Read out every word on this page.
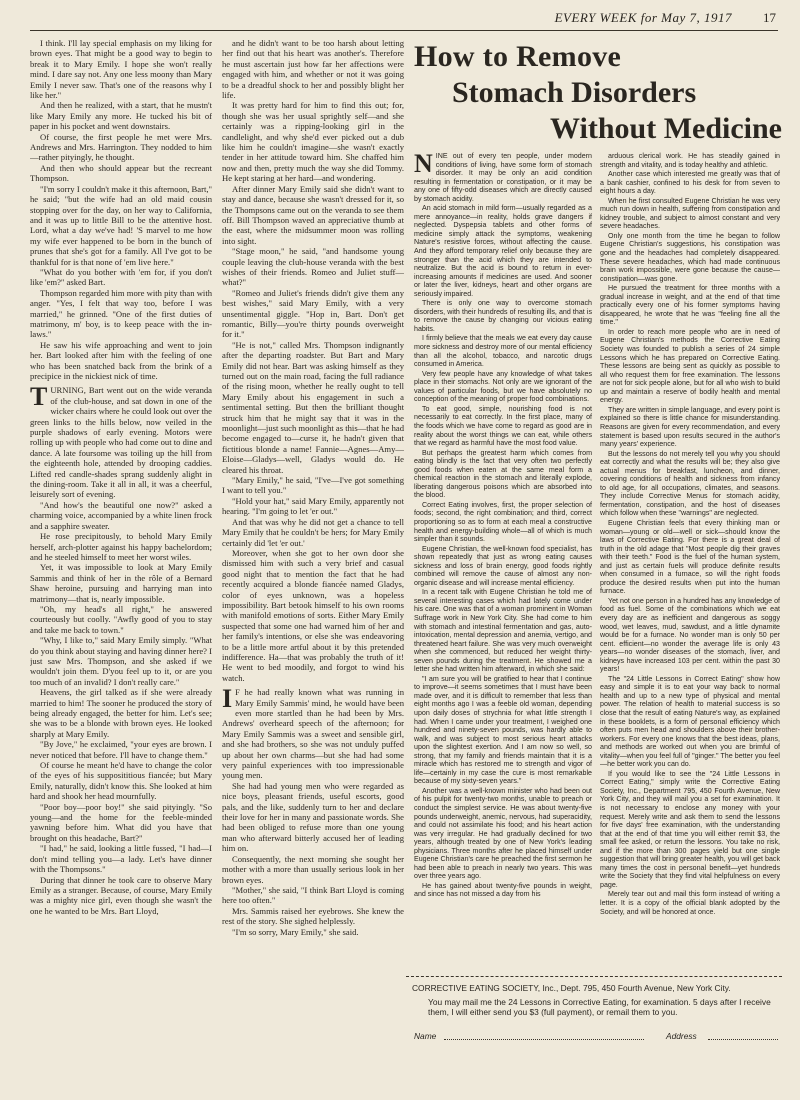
EVERY WEEK for May 7, 1917 17

I think. I'll lay special emphasis on my liking for brown eyes. That might be a good way to begin to break it to Mary Emily. I hope she won't really mind. I dare say not. Any one less moony than Mary Emily I never saw. That's one of the reasons why I like her."

And then he realized, with a start, that he mustn't like Mary Emily any more. He tucked his bit of paper in his pocket and went downstairs.

Of course, the first people he met were Mrs. Andrews and Mrs. Harrington. They nodded to him—rather pityingly, he thought.

And then who should appear but the recreant Thompson.

"I'm sorry I couldn't make it this afternoon, Bart," he said; "but the wife had an old maid cousin stopping over for the day, on her way to California, and it was up to little Bill to be the attentive host. Lord, what a day we've had! 'S marvel to me how my wife ever happened to be born in the bunch of prunes that she's got for a family. All I've got to be thankful for is that none of 'em live here."

"What do you bother with 'em for, if you don't like 'em?" asked Bart.

Thompson regarded him more with pity than with anger. "Yes, I felt that way too, before I was married," he grinned. "One of the first duties of matrimony, m' boy, is to keep peace with the in-laws."

He saw his wife approaching and went to join her. Bart looked after him with the feeling of one who has been snatched back from the brink of a precipice in the nickiest nick of time.

TURNING, Bart went out on the wide veranda of the club-house, and sat down in one of the wicker chairs where he could look out over the green links to the hills below, now veiled in the purple shadows of early evening. Motors were rolling up with people who had come out to dine and dance. A late foursome was toiling up the hill from the eighteenth hole, attended by drooping caddies. Lifted red candle-shades sprang suddenly alight in the dining-room. Take it all in all, it was a cheerful, leisurely sort of evening.

"And how's the beautiful one now?" asked a charming voice, accompanied by a white linen frock and a sapphire sweater.

He rose precipitously, to behold Mary Emily herself, arch-plotter against his happy bachelordom; and he steeled himself to meet her worst wiles.

Yet, it was impossible to look at Mary Emily Sammis and think of her in the rôle of a Bernard Shaw heroine, pursuing and harrying man into matrimony—that is, nearly impossible.

"Oh, my head's all right," he answered courteously but coolly. "Awfly good of you to stay and take me back to town."

"Why, I like to," said Mary Emily simply. "What do you think about staying and having dinner here? I just saw Mrs. Thompson, and she asked if we wouldn't join them. D'you feel up to it, or are you too much of an invalid? I don't really care."

Heavens, the girl talked as if she were already married to him! The sooner he produced the story of being already engaged, the better for him. Let's see; she was to be a blonde with brown eyes. He looked sharply at Mary Emily.

"By Jove," he exclaimed, "your eyes are brown. I never noticed that before. I'll have to change them."

Of course he meant he'd have to change the color of the eyes of his supposititious fiancée; but Mary Emily, naturally, didn't know this. She looked at him hard and shook her head mournfully.

"Poor boy—poor boy!" she said pityingly. "So young—and the home for the feeble-minded yawning before him. What did you have that brought on this headache, Bart?"

"I had," he said, looking a little fussed, "I had—I don't mind telling you—a lady. Let's have dinner with the Thompsons."

During that dinner he took care to observe Mary Emily as a stranger. Because, of course, Mary Emily was a mighty nice girl, even though she wasn't the one he wanted to be Mrs. Bart Lloyd,

and he didn't want to be too harsh about letting her find out that his heart was another's. Therefore he must ascertain just how far her affections were engaged with him, and whether or not it was going to be a dreadful shock to her and possibly blight her life.

It was pretty hard for him to find this out; for, though she was her usual sprightly self—and she certainly was a ripping-looking girl in the candlelight, and why she'd ever picked out a dub like him he couldn't imagine—she wasn't exactly tender in her attitude toward him. She chaffed him now and then, pretty much the way she did Tommy. He kept staring at her hard—and wondering.

After dinner Mary Emily said she didn't want to stay and dance, because she wasn't dressed for it, so the Thompsons came out on the veranda to see them off. Bill Thompson waved an appreciative thumb at the east, where the midsummer moon was rolling into sight.

"Stage moon," he said, "and handsome young couple leaving the club-house veranda with the best wishes of their friends. Romeo and Juliet stuff—what?"

"Romeo and Juliet's friends didn't give them any best wishes," said Mary Emily, with a very unsentimental giggle. "Hop in, Bart. Don't get romantic, Billy—you're thirty pounds overweight for it."

"He is not," called Mrs. Thompson indignantly after the departing roadster. But Bart and Mary Emily did not hear. Bart was asking himself as they turned out on the main road, facing the full radiance of the rising moon, whether he really ought to tell Mary Emily about his engagement in such a sentimental setting. But then the brilliant thought struck him that he might say that it was in the moonlight—just such moonlight as this—that he had become engaged to—curse it, he hadn't given that fictitious blonde a name! Fannie—Agnes—Amy—Eloise—Gladys—well, Gladys would do. He cleared his throat.

"Mary Emily," he said, "I've—I've got something I want to tell you."

"Hold your hat," said Mary Emily, apparently not hearing. "I'm going to let 'er out."

And that was why he did not get a chance to tell Mary Emily that he couldn't be hers; for Mary Emily certainly did 'let 'er out.'

Moreover, when she got to her own door she dismissed him with such a very brief and casual good night that to mention the fact that he had recently acquired a blonde fiancée named Gladys, color of eyes unknown, was a hopeless impossibility. Bart betook himself to his own rooms with manifold emotions of sorts. Either Mary Emily suspected that some one had warned him of her and her family's intentions, or else she was endeavoring to be a little more artful about it by this pretended indifference. Ha—that was probably the truth of it! He went to bed moodily, and forgot to wind his watch.

I F he had really known what was running in Mary Emily Sammis' mind, he would have been even more startled than he had been by Mrs. Andrews' overheard speech of the afternoon; for Mary Emily Sammis was a sweet and sensible girl, and she had brothers, so she was not unduly puffed up about her own charms—but she had had some very painful experiences with too impressionable young men.

She had had young men who were regarded as nice boys, pleasant friends, useful escorts, good pals, and the like, suddenly turn to her and declare their love for her in many and passionate words. She had been obliged to refuse more than one young man who afterward bitterly accused her of leading him on.

Consequently, the next morning she sought her mother with a more than usually serious look in her brown eyes.

"Mother," she said, "I think Bart Lloyd is coming here too often."

Mrs. Sammis raised her eyebrows. She knew the rest of the story. She sighed helplessly.

"I'm so sorry, Mary Emily," she said.

How to Remove
Stomach Disorders
Without Medicine

NINE out of every ten people, under modern conditions of living, have some form of stomach disorder. It may be only an acid condition resulting in fermentation or constipation, or it may be any one of fifty-odd diseases which are directly caused by stomach acidity.

An acid stomach in mild form—usually regarded as a mere annoyance—in reality, holds grave dangers if neglected. Dyspepsia tablets and other forms of medicine simply attack the symptoms, weakening Nature's resistive forces, without affecting the cause. And they afford temporary relief only because they are stronger than the acid which they are intended to neutralize. But the acid is bound to return in ever-increasing amounts if medicines are used. And sooner or later the liver, kidneys, heart and other organs are seriously impaired.

There is only one way to overcome stomach disorders, with their hundreds of resulting ills, and that is to remove the cause by changing our vicious eating habits.

I firmly believe that the meals we eat every day cause more sickness and destroy more of our mental efficiency than all the alcohol, tobacco, and narcotic drugs consumed in America.

Very few people have any knowledge of what takes place in their stomachs. Not only are we ignorant of the values of particular foods, but we have absolutely no conception of the meaning of proper food combinations.

To eat good, simple, nourishing food is not necessarily to eat correctly. In the first place, many of the foods which we have come to regard as good are in reality about the worst things we can eat, while others that we regard as harmful have the most food value.

But perhaps the greatest harm which comes from eating blindly is the fact that very often two perfectly good foods when eaten at the same meal form a chemical reaction in the stomach and literally explode, liberating dangerous poisons which are absorbed into the blood.

Correct Eating involves, first, the proper selection of foods; second, the right combination; and third, correct proportioning so as to form at each meal a constructive health and energy-building whole—all of which is much simpler than it sounds.

Eugene Christian, the well-known food specialist, has shown repeatedly that just as wrong eating causes sickness and loss of brain energy, good foods rightly combined will remove the cause of almost any non-organic disease and will increase mental efficiency.

In a recent talk with Eugene Christian he told me of several interesting cases which had lately come under his care. One was that of a woman prominent in Woman Suffrage work in New York City. She had come to him with stomach and intestinal fermentation and gas, auto-intoxication, mental depression and anemia, vertigo, and threatened heart failure. She was very much overweight when she commenced, but reduced her weight thirty-seven pounds during the treatment. He showed me a letter she had written him afterward, in which she said:

"I am sure you will be gratified to hear that I continue to improve—it seems sometimes that I must have been made over, and it is difficult to remember that less than eight months ago I was a feeble old woman, depending upon daily doses of strychnia for what little strength I had. When I came under your treatment, I weighed one hundred and ninety-seven pounds, was hardly able to walk, and was subject to most serious heart attacks upon the slightest exertion. And I am now so well, so strong, that my family and friends maintain that it is a miracle which has restored me to strength and vigor of life—certainly in my case the cure is most remarkable because of my sixty-seven years."

Another was a well-known minister who had been out of his pulpit for twenty-two months, unable to preach or conduct the simplest service. He was about twenty-five pounds underweight, anemic, nervous, had superacidity, and could not assimilate his food; and his heart action was very irregular. He had gradually declined for two years, although treated by one of New York's leading physicians. Three months after he placed himself under Eugene Christian's care he preached the first sermon he had been able to preach in nearly two years. This was over three years ago.

He has gained about twenty-five pounds in weight, and since has not missed a day from his

arduous clerical work. He has steadily gained in strength and vitality, and is today healthy and athletic.

Another case which interested me greatly was that of a bank cashier, confined to his desk for from seven to eight hours a day.

When he first consulted Eugene Christian he was very much run down in health, suffering from constipation and kidney trouble, and subject to almost constant and very severe headaches.

Only one month from the time he began to follow Eugene Christian's suggestions, his constipation was gone and the headaches had completely disappeared. These severe headaches, which had made continuous brain work impossible, were gone because the cause—constipation—was gone.

He pursued the treatment for three months with a gradual increase in weight, and at the end of that time practically every one of his former symptoms having disappeared, he wrote that he was "feeling fine all the time."

In order to reach more people who are in need of Eugene Christian's methods the Corrective Eating Society was founded to publish a series of 24 simple Lessons which he has prepared on Corrective Eating. These lessons are being sent as quickly as possible to all who request them for free examination. The lessons are not for sick people alone, but for all who wish to build up and maintain a reserve of bodily health and mental energy.

They are written in simple language, and every point is explained so there is little chance for misunderstanding. Reasons are given for every recommendation, and every statement is based upon results secured in the author's many years' experience.

But the lessons do not merely tell you why you should eat correctly and what the results will be; they also give actual menus for breakfast, luncheon, and dinner, covering conditions of health and sickness from infancy to old age, for all occupations, climates, and seasons. They include Corrective Menus for stomach acidity, fermentation, constipation, and the host of diseases which follow when these "warnings" are neglected.

Eugene Christian feels that every thinking man or woman—young or old—well or sick—should know the laws of Corrective Eating. For there is a great deal of truth in the old adage that "Most people dig their graves with their teeth." Food is the fuel of the human system, and just as certain fuels will produce definite results when consumed in a furnace, so will the right foods produce the desired results when put into the human furnace.

Yet not one person in a hundred has any knowledge of food as fuel. Some of the combinations which we eat every day are as inefficient and dangerous as soggy wood, wet leaves, mud, sawdust, and a little dynamite would be for a furnace. No wonder man is only 50 per cent. efficient—no wonder the average life is only 43 years—no wonder diseases of the stomach, liver, and kidneys have increased 103 per cent. within the past 30 years!

The "24 Little Lessons in Correct Eating" show how easy and simple it is to eat your way back to normal health and up to a new type of physical and mental power. The relation of health to material success is so close that the result of eating Nature's way, as explained in these booklets, is a form of personal efficiency which often puts men head and shoulders above their brother-workers. For every one knows that the best ideas, plans, and methods are worked out when you are brimful of vitality—when you feel full of "ginger." The better you feel—he better work you can do.

If you would like to see the "24 Little Lessons in Correct Eating," simply write the Corrective Eating Society, Inc., Department 795, 450 Fourth Avenue, New York City, and they will mail you a set for examination. It is not necessary to enclose any money with your request. Merely write and ask them to send the lessons for five days' free examination, with the understanding that at the end of that time you will either remit $3, the small fee asked, or return the lessons. You take no risk, and if the more than 300 pages yield but one single suggestion that will bring greater health, you will get back many times the cost in personal benefit—yet hundreds write the Society that they find vital helpfulness on every page.

Merely tear out and mail this form instead of writing a letter. It is a copy of the official blank adopted by the Society, and will be honored at once.

CORRECTIVE EATING SOCIETY, Inc., Dept. 795, 450 Fourth Avenue, New York City.
You may mail me the 24 Lessons in Corrective Eating, for examination. 5 days after I receive them, I will either send you $3 (full payment), or remail them to you.
Name	Address
